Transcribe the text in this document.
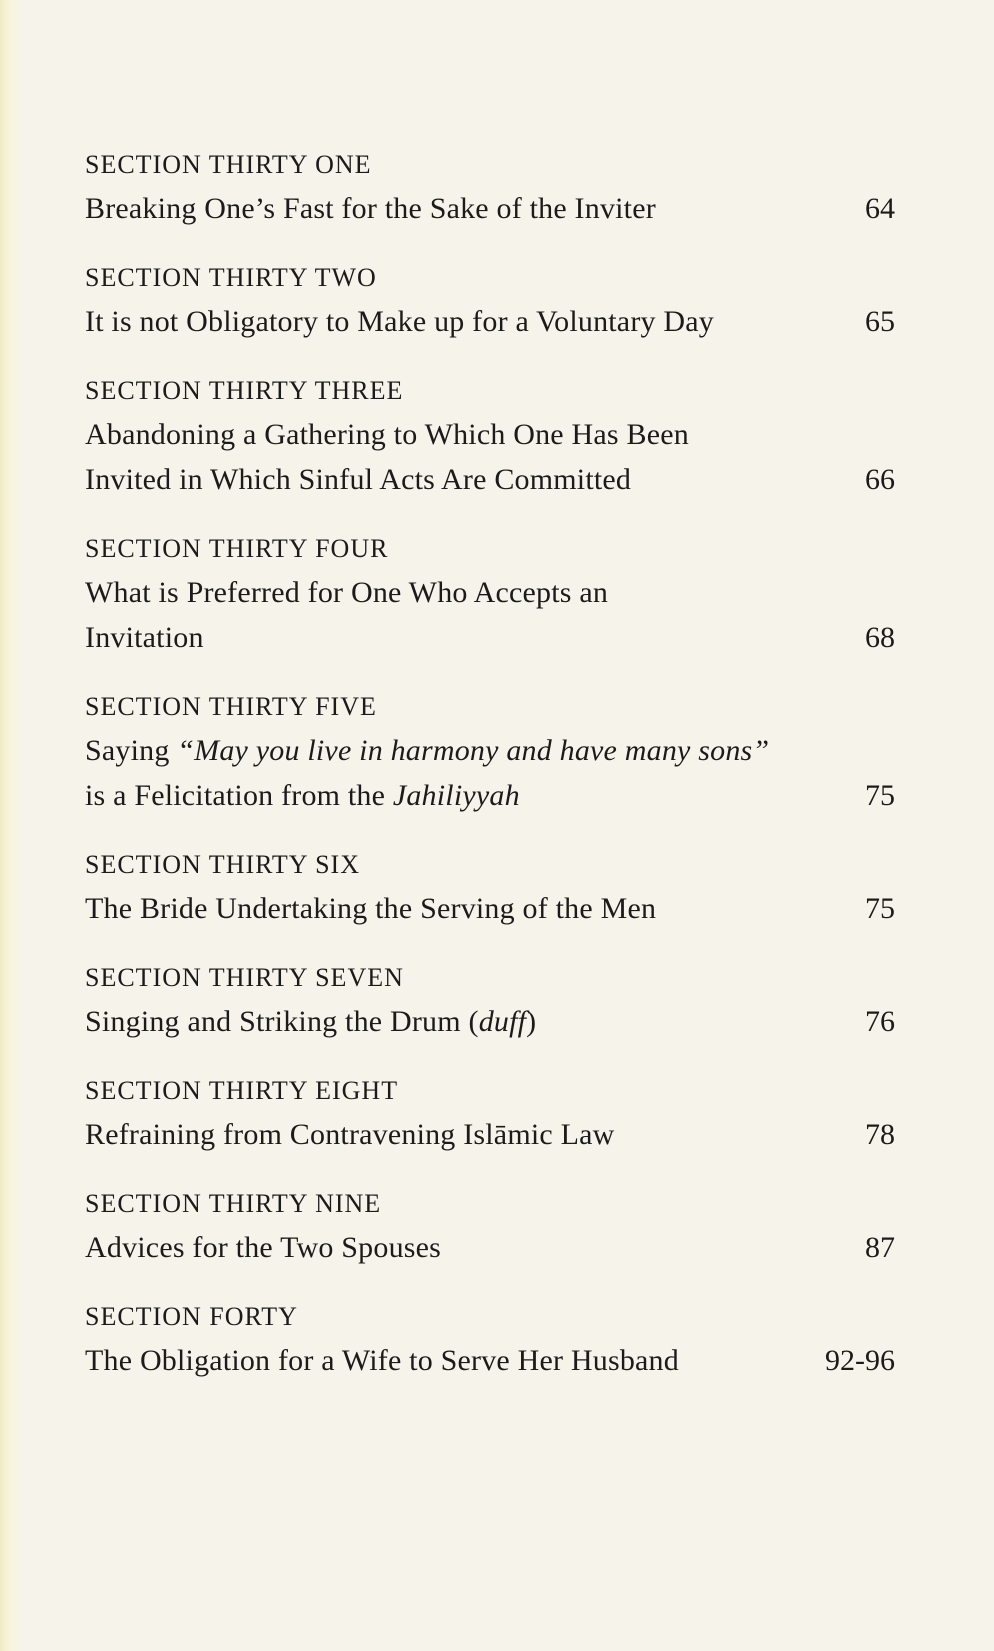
SECTION THIRTY ONE
Breaking One’s Fast for the Sake of the Inviter	64
SECTION THIRTY TWO
It is not Obligatory to Make up for a Voluntary Day	65
SECTION THIRTY THREE
Abandoning a Gathering to Which One Has Been
Invited in Which Sinful Acts Are Committed	66
SECTION THIRTY FOUR
What is Preferred for One Who Accepts an
Invitation	68
SECTION THIRTY FIVE
Saying “May you live in harmony and have many sons”
is a Felicitation from the Jahiliyyah	75
SECTION THIRTY SIX
The Bride Undertaking the Serving of the Men	75
SECTION THIRTY SEVEN
Singing and Striking the Drum (duff)	76
SECTION THIRTY EIGHT
Refraining from Contravening Islāmic Law	78
SECTION THIRTY NINE
Advices for the Two Spouses	87
SECTION FORTY
The Obligation for a Wife to Serve Her Husband	92-96
